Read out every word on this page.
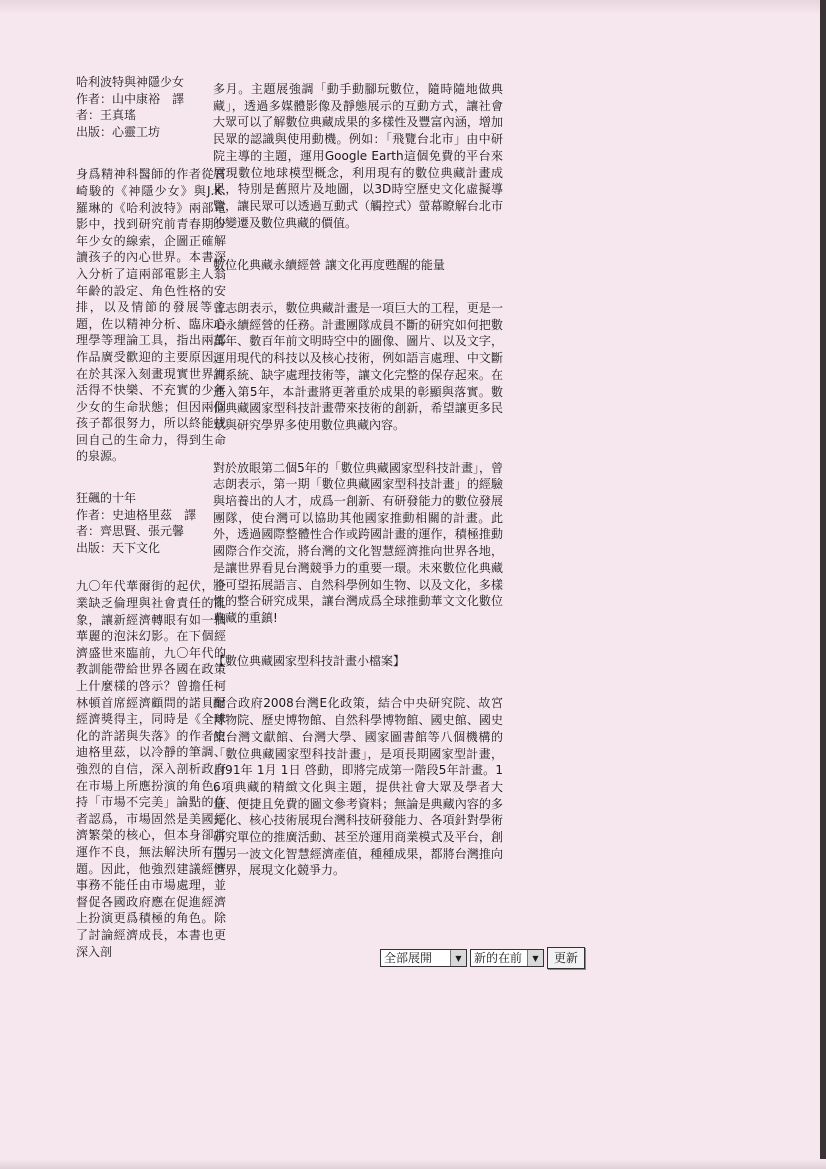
哈利波特與神隱少女
作者：山中康裕　譯
者：王真瑤
出版：心靈工坊

身爲精神科醫師的作者從宮崎駿的《神隱少女》與J.K.羅琳的《哈利波特》兩部電影中，找到研究前青春期少年少女的線索，企圖正確解讀孩子的內心世界。本書深入分析了這兩部電影主人翁年齡的設定、角色性格的安排，以及情節的發展等主題，佐以精神分析、臨床心理學等理論工具，指出兩部作品廣受歡迎的主要原因，在於其深入刻畫現實世界裡活得不快樂、不充實的少年少女的生命狀態；但因兩個孩子都很努力，所以終能找回自己的生命力，得到生命的泉源。

狂飆的十年
作者：史迪格里茲　譯
者：齊思賢、張元馨
出版：天下文化

九〇年代華爾街的起伏，企業缺乏倫理與社會責任的亂象，讓新經濟轉眼有如一個華麗的泡沫幻影。在下個經濟盛世來臨前，九〇年代的教訓能帶給世界各國在政策上什麼樣的啓示？曾擔任柯林頓首席經濟顧問的諾貝爾經濟獎得主，同時是《全球化的許諾與失落》的作者史迪格里茲，以冷靜的筆調、強烈的自信，深入剖析政府在市場上所應扮演的角色。持「市場不完美」論點的作者認爲，市場固然是美國經濟繁榮的核心，但本身卻常運作不良，無法解決所有問題。因此，他強烈建議經濟事務不能任由市場處理，並督促各國政府應在促進經濟上扮演更爲積極的角色。除了討論經濟成長，本書也更深入剖

多月。主題展強調「動手動腳玩數位，隨時隨地做典藏」，透過多媒體影像及靜態展示的互動方式，讓社會大眾可以了解數位典藏成果的多樣性及豐富內涵，增加民眾的認識與使用動機。例如：「飛覽台北市」由中研院主導的主題，運用Google Earth這個免費的平台來展現數位地球模型概念，利用現有的數位典藏計畫成果，特別是舊照片及地圖，以3D時空歷史文化虛擬導覽，讓民眾可以透過互動式（觸控式）螢幕瞭解台北市的變遷及數位典藏的價值。

數位化典藏永續經營 讓文化再度甦醒的能量

曾志朗表示，數位典藏計畫是一項巨大的工程，更是一項永續經營的任務。計畫團隊成員不斷的研究如何把數萬年、數百年前文明時空中的圖像、圖片、以及文字，運用現代的科技以及核心技術，例如語言處理、中文斷詞系統、缺字處理技術等，讓文化完整的保存起來。在邁入第5年，本計畫將更著重於成果的彰顯與落實。數位典藏國家型科技計畫帶來技術的創新，希望讓更多民眾與研究學界多使用數位典藏內容。

對於放眼第二個5年的「數位典藏國家型科技計畫」，曾志朗表示，第一期「數位典藏國家型科技計畫」的經驗與培養出的人才，成爲一創新、有研發能力的數位發展團隊，使台灣可以協助其他國家推動相關的計畫。此外，透過國際整體性合作或跨國計畫的運作，積極推動國際合作交流，將台灣的文化智慧經濟推向世界各地，是讓世界看見台灣競爭力的重要一環。未來數位化典藏將可望拓展語言、自然科學例如生物、以及文化，多樣性的整合研究成果，讓台灣成爲全球推動華文文化數位典藏的重鎮!

【數位典藏國家型科技計畫小檔案】

配合政府2008台灣E化政策，結合中央研究院、故宮博物院、歷史博物館、自然科學博物館、國史館、國史館台灣文獻館、台灣大學、國家圖書館等八個機構的「數位典藏國家型科技計畫」，是項長期國家型計畫，自91年 1月 1日 啓動，即將完成第一階段5年計畫。16項典藏的精緻文化與主題，提供社會大眾及學者大量、便捷且免費的圖文參考資料；無論是典藏內容的多元化、核心技術展現台灣科技研發能力、各項針對學術研究單位的推廣活動、甚至於運用商業模式及平台，創造另一波文化智慧經濟產值，種種成果，都將台灣推向世界，展現文化競爭力。

全部展開	▼	新的在前	▼	更新
